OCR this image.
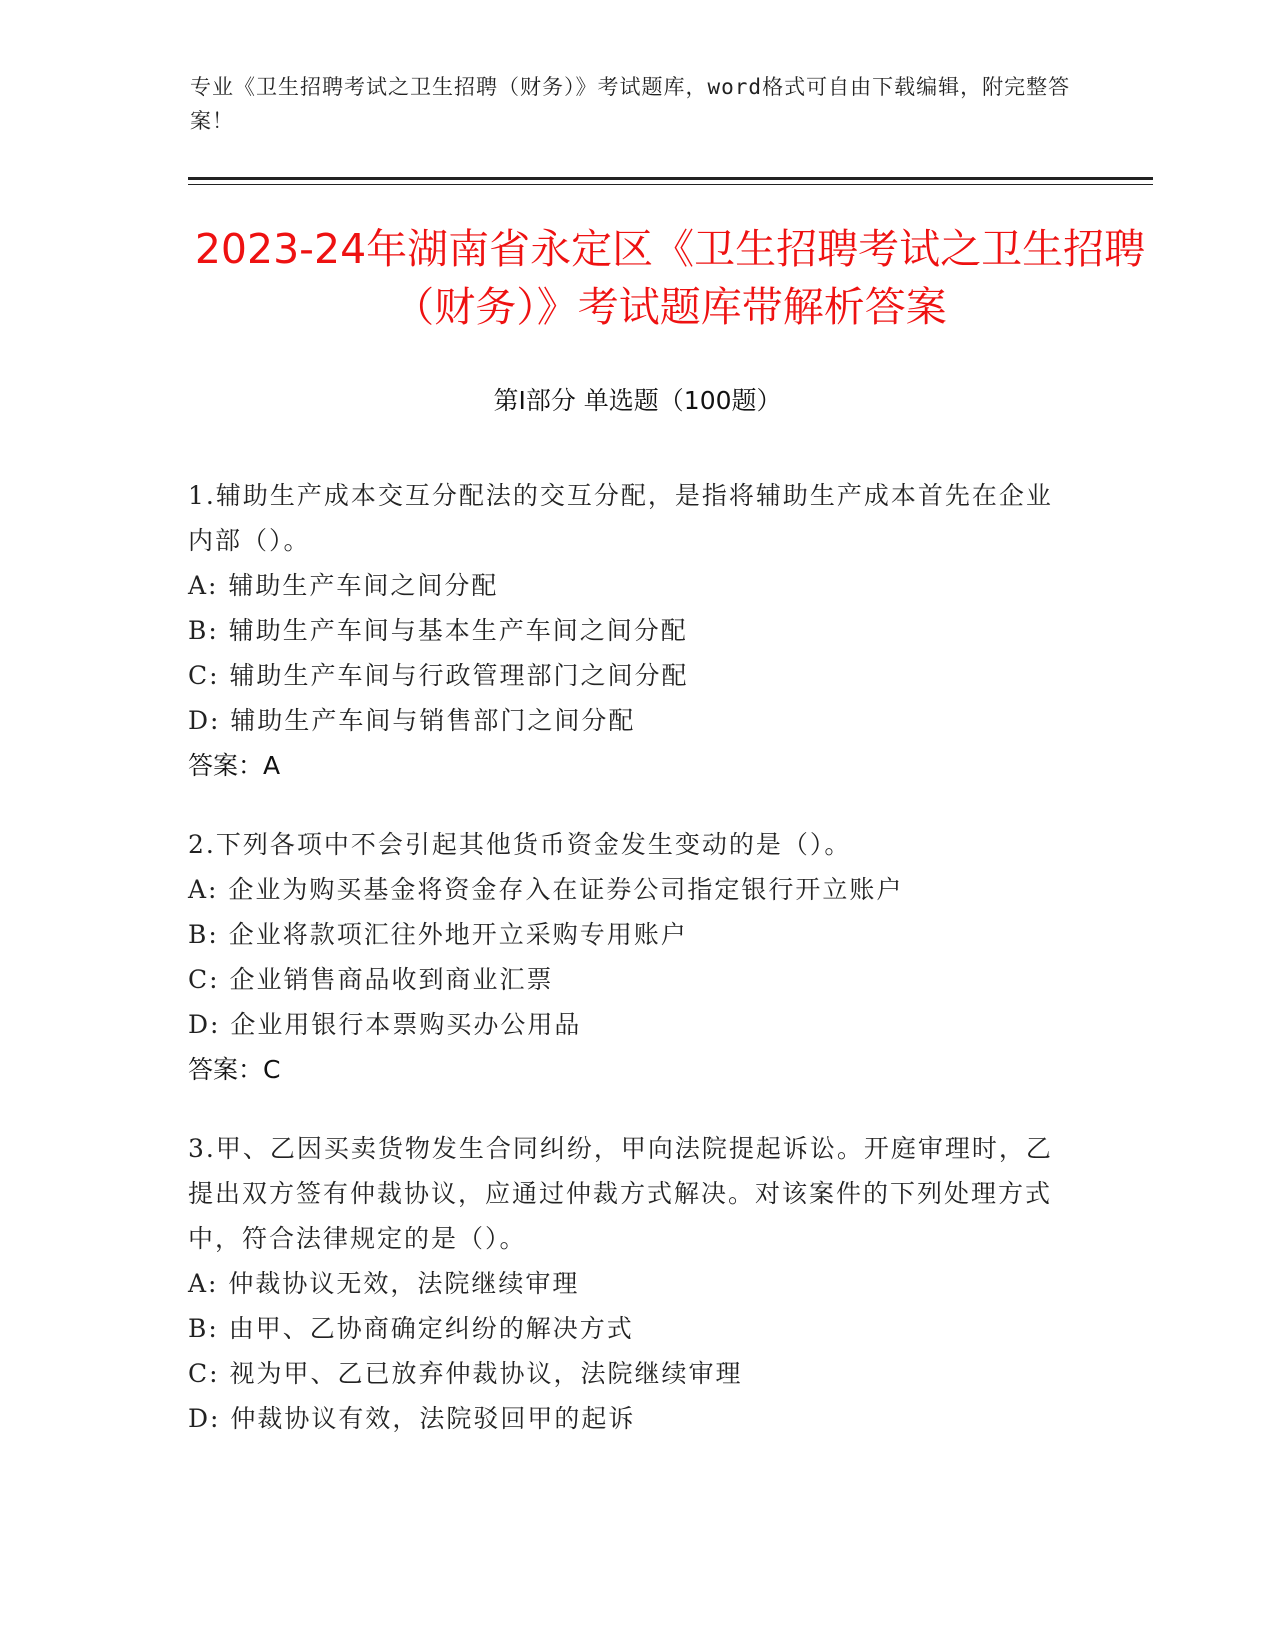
专业《卫生招聘考试之卫生招聘（财务）》考试题库，word格式可自由下载编辑，附完整答案！
2023-24年湖南省永定区《卫生招聘考试之卫生招聘（财务）》考试题库带解析答案
第Ⅰ部分 单选题（100题）
1.辅助生产成本交互分配法的交互分配，是指将辅助生产成本首先在企业内部（）。
A: 辅助生产车间之间分配
B: 辅助生产车间与基本生产车间之间分配
C: 辅助生产车间与行政管理部门之间分配
D: 辅助生产车间与销售部门之间分配
答案：A
2.下列各项中不会引起其他货币资金发生变动的是（）。
A: 企业为购买基金将资金存入在证券公司指定银行开立账户
B: 企业将款项汇往外地开立采购专用账户
C: 企业销售商品收到商业汇票
D: 企业用银行本票购买办公用品
答案：C
3.甲、乙因买卖货物发生合同纠纷，甲向法院提起诉讼。开庭审理时，乙提出双方签有仲裁协议，应通过仲裁方式解决。对该案件的下列处理方式中，符合法律规定的是（）。
A: 仲裁协议无效，法院继续审理
B: 由甲、乙协商确定纠纷的解决方式
C: 视为甲、乙已放弃仲裁协议，法院继续审理
D: 仲裁协议有效，法院驳回甲的起诉
